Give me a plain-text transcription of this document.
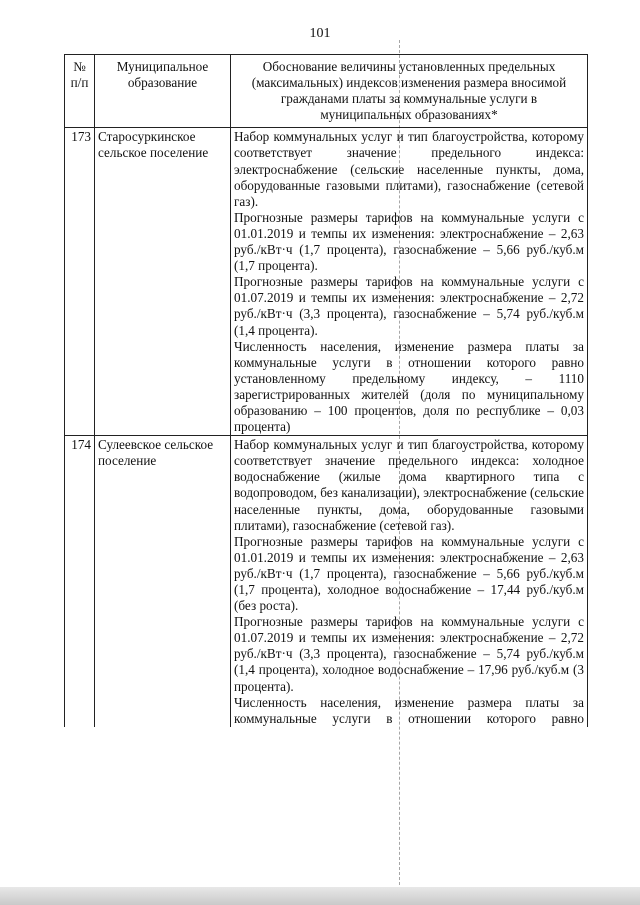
101
№ п/п	Муниципальное образование	Обоснование величины установленных предельных (максимальных) индексов изменения размера вносимой гражданами платы за коммунальные услуги в муниципальных образованиях*
173	Старосуркинское сельское поселение	Набор коммунальных услуг и тип благоустройства, которому соответствует значение предельного индекса: электроснабжение (сельские населенные пункты, дома, оборудованные газовыми плитами), газоснабжение (сетевой газ).

Прогнозные размеры тарифов на коммунальные услуги с 01.01.2019 и темпы их изменения: электроснабжение – 2,63 руб./кВт·ч (1,7 процента), газоснабжение – 5,66 руб./куб.м (1,7 процента).

Прогнозные размеры тарифов на коммунальные услуги с 01.07.2019 и темпы их изменения: электроснабжение – 2,72 руб./кВт·ч (3,3 процента), газоснабжение – 5,74 руб./куб.м (1,4 процента).

Численность населения, изменение размера платы за коммунальные услуги в отношении которого равно установленному предельному индексу, – 1110 зарегистрированных жителей (доля по муниципальному образованию – 100 процентов, доля по республике – 0,03 процента)

174	Сулеевское сельское поселение	Набор коммунальных услуг и тип благоустройства, которому соответствует значение предельного индекса: холодное водоснабжение (жилые дома квартирного типа с водопроводом, без канализации), электроснабжение (сельские населенные пункты, дома, оборудованные газовыми плитами), газоснабжение (сетевой газ).

Прогнозные размеры тарифов на коммунальные услуги с 01.01.2019 и темпы их изменения: электроснабжение – 2,63 руб./кВт·ч (1,7 процента), газоснабжение – 5,66 руб./куб.м (1,7 процента), холодное водоснабжение – 17,44 руб./куб.м (без роста).

Прогнозные размеры тарифов на коммунальные услуги с 01.07.2019 и темпы их изменения: электроснабжение – 2,72 руб./кВт·ч (3,3 процента), газоснабжение – 5,74 руб./куб.м (1,4 процента), холодное водоснабжение – 17,96 руб./куб.м (3 процента).

Численность населения, изменение размера платы за коммунальные услуги в отношении которого равно
